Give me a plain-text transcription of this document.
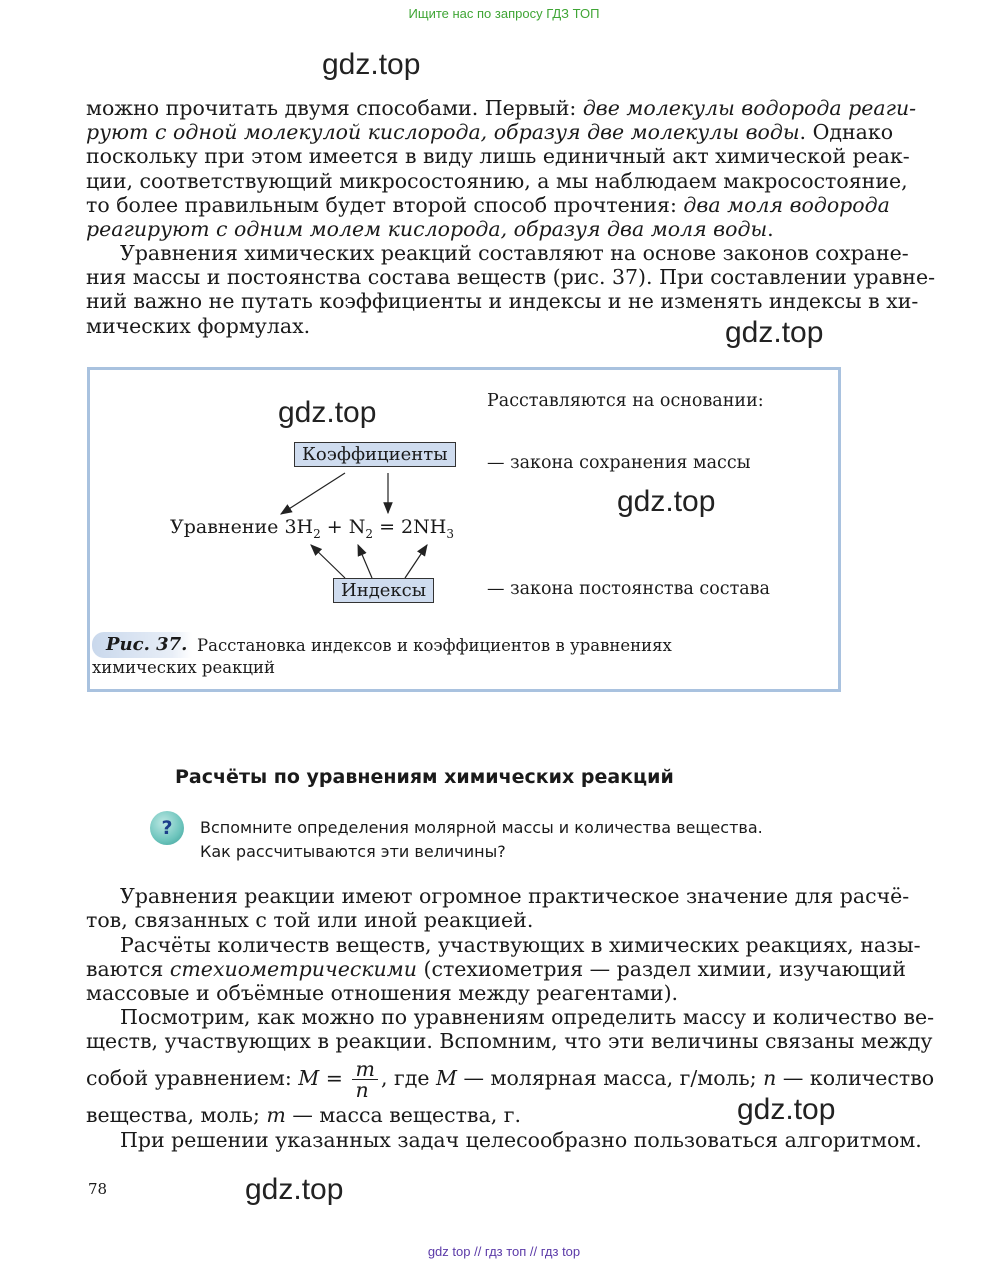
Ищите нас по запросу ГДЗ ТОП
gdz.top
gdz.top
gdz.top
gdz.top
gdz.top
gdz.top
можно прочитать двумя способами. Первый: две молекулы водорода реаги-
руют с одной молекулой кислорода, образуя две молекулы воды. Однако
поскольку при этом имеется в виду лишь единичный акт химической реак-
ции, соответствующий микросостоянию, а мы наблюдаем макросостояние,
то более правильным будет второй способ прочтения: два моля водорода
реагируют с одним молем кислорода, образуя два моля воды.
Уравнения химических реакций составляют на основе законов сохране-
ния массы и постоянства состава веществ (рис. 37). При составлении уравне-
ний важно не путать коэффициенты и индексы и не изменять индексы в хи-
мических формулах.
Коэффициенты
Индексы
Уравнение $3H_2 + N_2 = 2NH_3$
Расставляются на основании:
— закона сохранения массы
— закона постоянства состава
Рис. 37. Расстановка индексов и коэффициентов в уравнениях
химических реакций
Расчёты по уравнениям химических реакций
?	Вспомните определения молярной массы и количества вещества.
Как рассчитываются эти величины?
Уравнения реакции имеют огромное практическое значение для расчё-
тов, связанных с той или иной реакцией.
Расчёты количеств веществ, участвующих в химических реакциях, назы-
ваются стехиометрическими (стехиометрия — раздел химии, изучающий
массовые и объёмные отношения между реагентами).
Посмотрим, как можно по уравнениям определить массу и количество ве-
ществ, участвующих в реакции. Вспомним, что эти величины связаны между
собой уравнением: $M = \frac{m}{n}$ , где M — молярная масса, г/моль; n — количество
вещества, моль; m — масса вещества, г.
При решении указанных задач целесообразно пользоваться алгоритмом.
78
gdz top // гдз топ // гдз top
